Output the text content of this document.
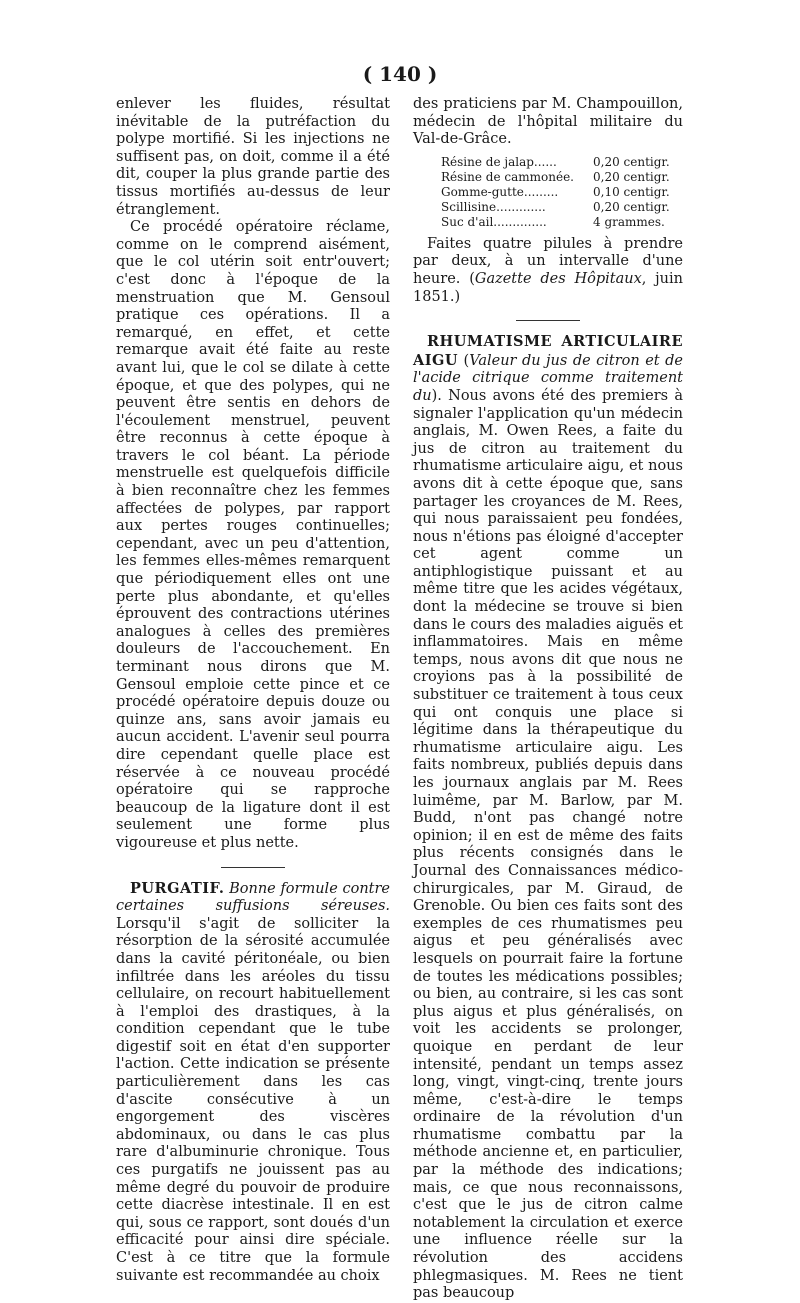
( 140 )

enlever les fluides, résultat inévitable de la putréfaction du polype mortifié. Si les injections ne suffisent pas, on doit, comme il a été dit, couper la plus grande partie des tissus mortifiés au-dessus de leur étranglement.

Ce procédé opératoire réclame, comme on le comprend aisément, que le col utérin soit entr'ouvert; c'est donc à l'époque de la menstruation que M. Gensoul pratique ces opérations. Il a remarqué, en effet, et cette remarque avait été faite au reste avant lui, que le col se dilate à cette époque, et que des polypes, qui ne peuvent être sentis en dehors de l'écoulement menstruel, peuvent être reconnus à cette époque à travers le col béant. La période menstruelle est quelquefois difficile à bien reconnaître chez les femmes affectées de polypes, par rapport aux pertes rouges continuelles; cependant, avec un peu d'attention, les femmes elles-mêmes remarquent que périodiquement elles ont une perte plus abondante, et qu'elles éprouvent des contractions utérines analogues à celles des premières douleurs de l'accouchement. En terminant nous dirons que M. Gensoul emploie cette pince et ce procédé opératoire depuis douze ou quinze ans, sans avoir jamais eu aucun accident. L'avenir seul pourra dire cependant quelle place est réservée à ce nouveau procédé opératoire qui se rapproche beaucoup de la ligature dont il est seulement une forme plus vigoureuse et plus nette.

PURGATIF. Bonne formule contre certaines suffusions séreuses. Lorsqu'il s'agit de solliciter la résorption de la sérosité accumulée dans la cavité péritonéale, ou bien infiltrée dans les aréoles du tissu cellulaire, on recourt habituellement à l'emploi des drastiques, à la condition cependant que le tube digestif soit en état d'en supporter l'action. Cette indication se présente particulièrement dans les cas d'ascite consécutive à un engorgement des viscères abdominaux, ou dans le cas plus rare d'albuminurie chronique. Tous ces purgatifs ne jouissent pas au même degré du pouvoir de produire cette diacrèse intestinale. Il en est qui, sous ce rapport, sont doués d'un efficacité pour ainsi dire spéciale. C'est à ce titre que la formule suivante est recommandée au choix

des praticiens par M. Champouillon, médecin de l'hôpital militaire du Val-de-Grâce.

Résine de jalap......	0,20 centigr.
Résine de cammonée.	0,20 centigr.
Gomme-gutte.........	0,10 centigr.
Scillisine.............	0,20 centigr.
Suc d'ail..............	4 grammes.

Faites quatre pilules à prendre par deux, à un intervalle d'une heure. (Gazette des Hôpitaux, juin 1851.)

RHUMATISME ARTICULAIRE AIGU (Valeur du jus de citron et de l'acide citrique comme traitement du). Nous avons été des premiers à signaler l'application qu'un médecin anglais, M. Owen Rees, a faite du jus de citron au traitement du rhumatisme articulaire aigu, et nous avons dit à cette époque que, sans partager les croyances de M. Rees, qui nous paraissaient peu fondées, nous n'étions pas éloigné d'accepter cet agent comme un antiphlogistique puissant et au même titre que les acides végétaux, dont la médecine se trouve si bien dans le cours des maladies aiguës et inflammatoires. Mais en même temps, nous avons dit que nous ne croyions pas à la possibilité de substituer ce traitement à tous ceux qui ont conquis une place si légitime dans la thérapeutique du rhumatisme articulaire aigu. Les faits nombreux, publiés depuis dans les journaux anglais par M. Rees luimême, par M. Barlow, par M. Budd, n'ont pas changé notre opinion; il en est de même des faits plus récents consignés dans le Journal des Connaissances médico-chirurgicales, par M. Giraud, de Grenoble. Ou bien ces faits sont des exemples de ces rhumatismes peu aigus et peu généralisés avec lesquels on pourrait faire la fortune de toutes les médications possibles; ou bien, au contraire, si les cas sont plus aigus et plus généralisés, on voit les accidents se prolonger, quoique en perdant de leur intensité, pendant un temps assez long, vingt, vingt-cinq, trente jours même, c'est-à-dire le temps ordinaire de la révolution d'un rhumatisme combattu par la méthode ancienne et, en particulier, par la méthode des indications; mais, ce que nous reconnaissons, c'est que le jus de citron calme notablement la circulation et exerce une influence réelle sur la révolution des accidens phlegmasiques. M. Rees ne tient pas beaucoup
